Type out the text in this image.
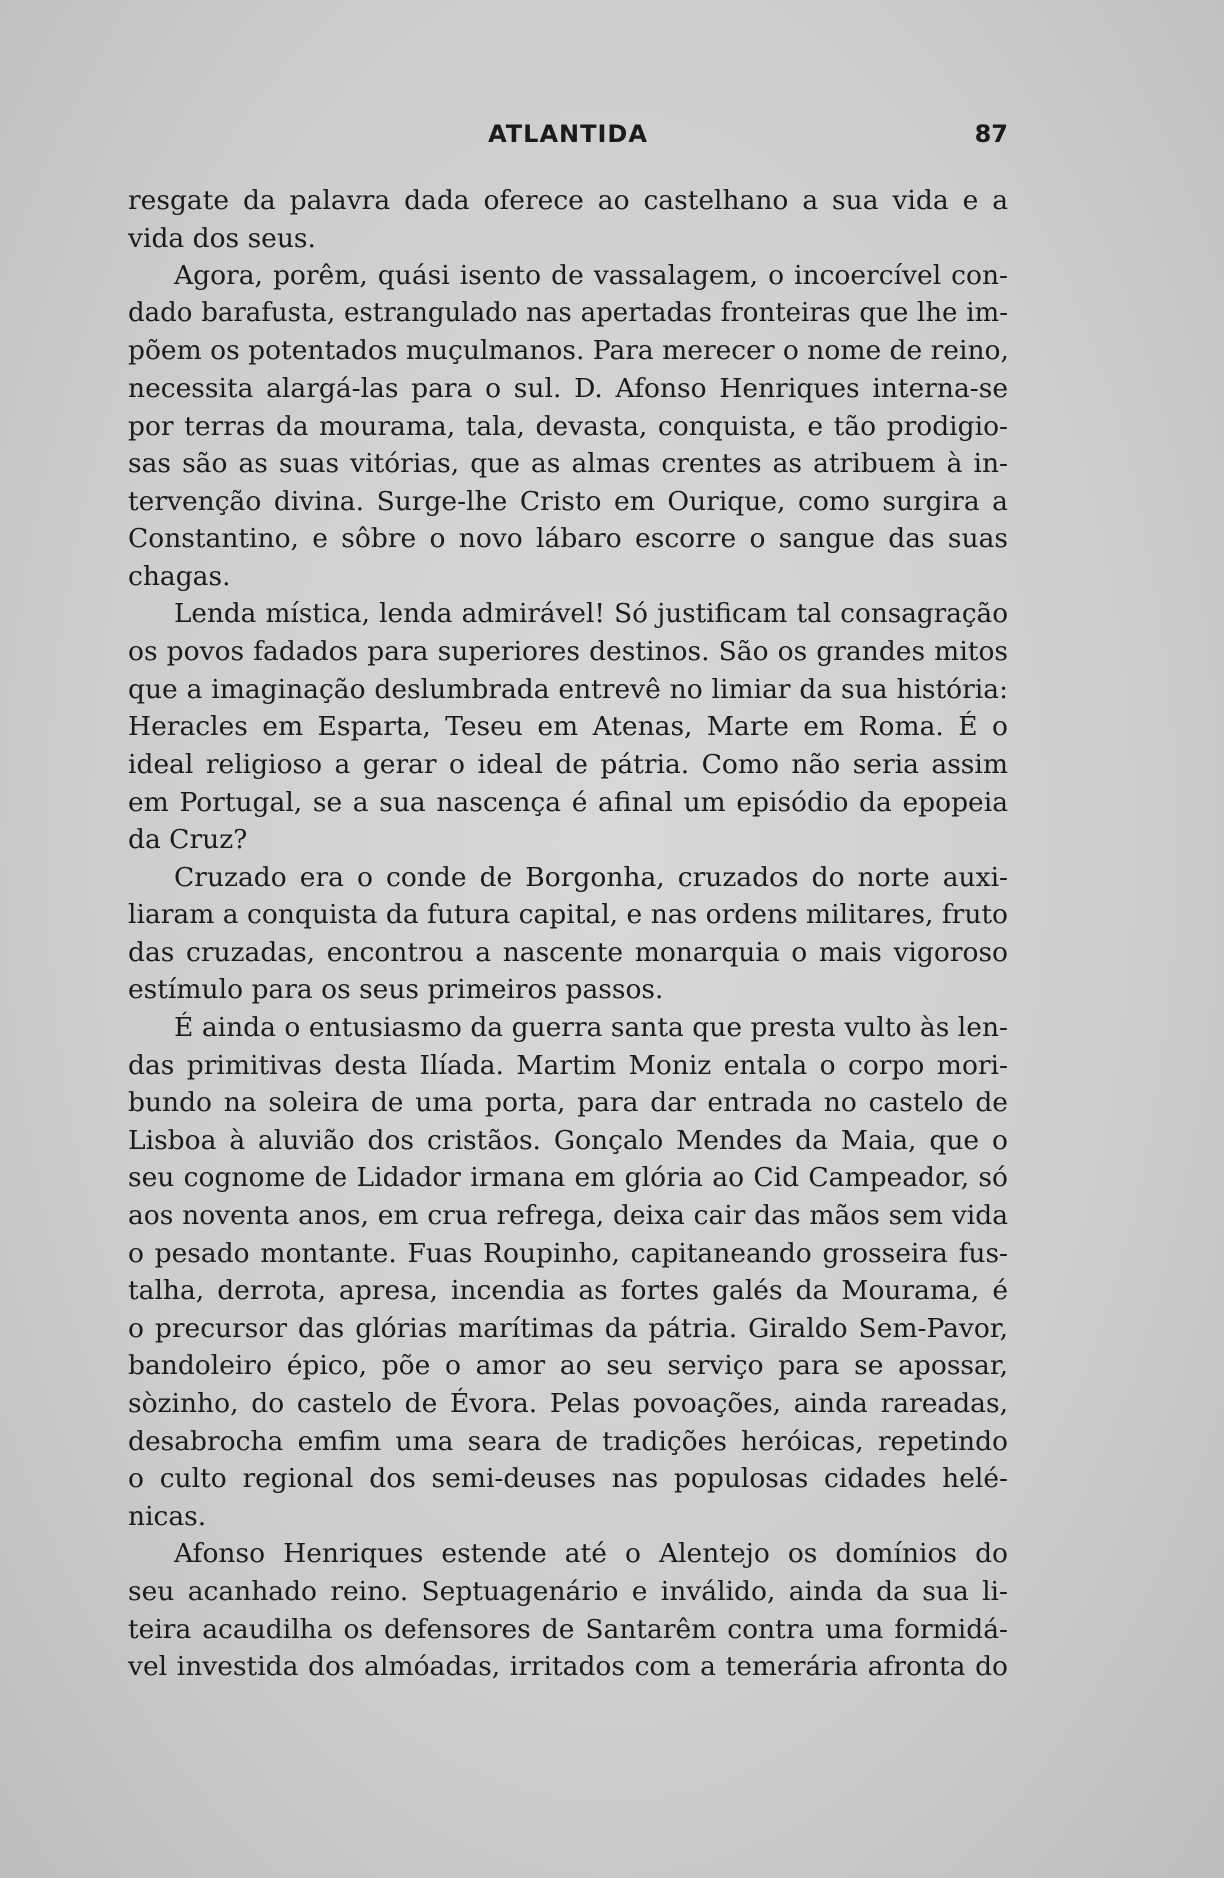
ATLANTIDA	87
resgate da palavra dada oferece ao castelhano a sua vida e a
vida dos seus.
Agora, porêm, quási isento de vassalagem, o incoercível con-
dado barafusta, estrangulado nas apertadas fronteiras que lhe im-
põem os potentados muçulmanos. Para merecer o nome de reino,
necessita alargá-las para o sul. D. Afonso Henriques interna-se
por terras da mourama, tala, devasta, conquista, e tão prodigio-
sas são as suas vitórias, que as almas crentes as atribuem à in-
tervenção divina. Surge-lhe Cristo em Ourique, como surgira a
Constantino, e sôbre o novo lábaro escorre o sangue das suas
chagas.
Lenda mística, lenda admirável! Só justificam tal consagração
os povos fadados para superiores destinos. São os grandes mitos
que a imaginação deslumbrada entrevê no limiar da sua história:
Heracles em Esparta, Teseu em Atenas, Marte em Roma. É o
ideal religioso a gerar o ideal de pátria. Como não seria assim
em Portugal, se a sua nascença é afinal um episódio da epopeia
da Cruz?
Cruzado era o conde de Borgonha, cruzados do norte auxi-
liaram a conquista da futura capital, e nas ordens militares, fruto
das cruzadas, encontrou a nascente monarquia o mais vigoroso
estímulo para os seus primeiros passos.
É ainda o entusiasmo da guerra santa que presta vulto às len-
das primitivas desta Ilíada. Martim Moniz entala o corpo mori-
bundo na soleira de uma porta, para dar entrada no castelo de
Lisboa à aluvião dos cristãos. Gonçalo Mendes da Maia, que o
seu cognome de Lidador irmana em glória ao Cid Campeador, só
aos noventa anos, em crua refrega, deixa cair das mãos sem vida
o pesado montante. Fuas Roupinho, capitaneando grosseira fus-
talha, derrota, apresa, incendia as fortes galés da Mourama, é
o precursor das glórias marítimas da pátria. Giraldo Sem-Pavor,
bandoleiro épico, põe o amor ao seu serviço para se apossar,
sòzinho, do castelo de Évora. Pelas povoações, ainda rareadas,
desabrocha emfim uma seara de tradições heróicas, repetindo
o culto regional dos semi-deuses nas populosas cidades helé-
nicas.
Afonso Henriques estende até o Alentejo os domínios do
seu acanhado reino. Septuagenário e inválido, ainda da sua li-
teira acaudilha os defensores de Santarêm contra uma formidá-
vel investida dos almóadas, irritados com a temerária afronta do
